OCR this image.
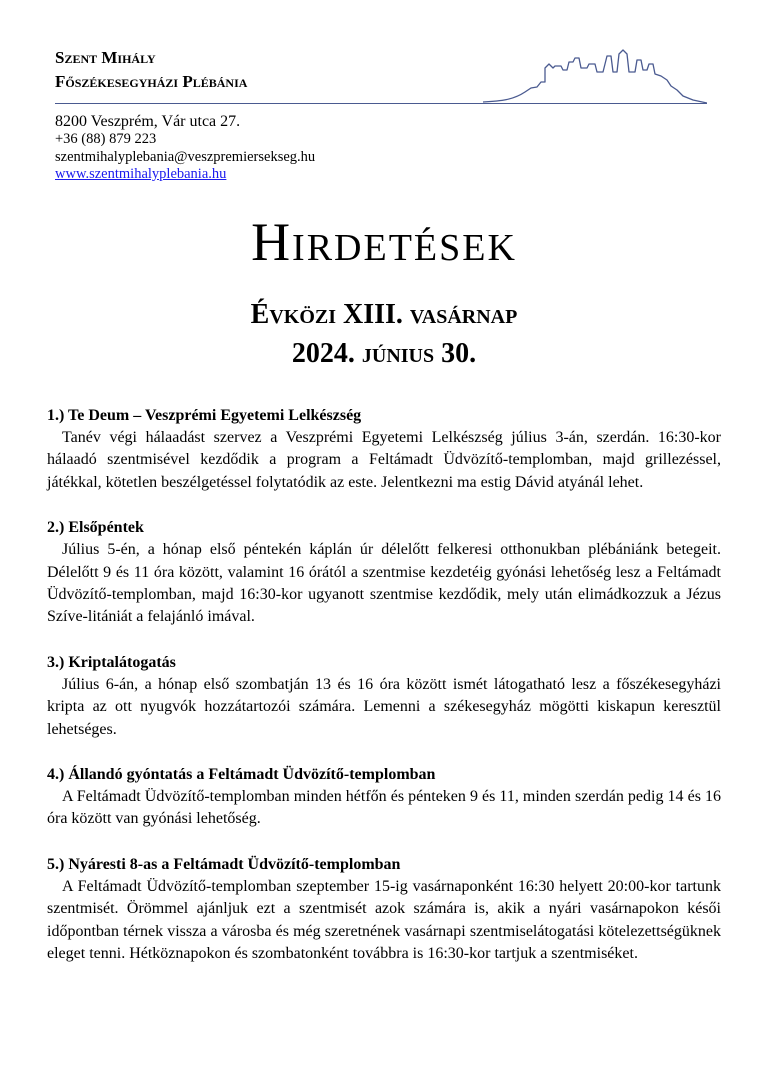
Szent Mihály
Főszékesegyházi Plébánia
8200 Veszprém, Vár utca 27.
+36 (88) 879 223
szentmihalyplebania@veszpremiersekseg.hu
www.szentmihalyplebania.hu
Hirdetések
Évközi XIII. vasárnap
2024. június 30.
1.) Te Deum – Veszprémi Egyetemi Lelkészség

Tanév végi hálaadást szervez a Veszprémi Egyetemi Lelkészség július 3-án, szerdán. 16:30-kor hálaadó szentmisével kezdődik a program a Feltámadt Üdvözítő-templomban, majd grillezéssel, játékkal, kötetlen beszélgetéssel folytatódik az este. Jelentkezni ma estig Dávid atyánál lehet.

2.) Elsőpéntek

Július 5-én, a hónap első péntekén káplán úr délelőtt felkeresi otthonukban plébániánk betegeit. Délelőtt 9 és 11 óra között, valamint 16 órától a szentmise kezdetéig gyónási lehetőség lesz a Feltámadt Üdvözítő-templomban, majd 16:30-kor ugyanott szentmise kezdődik, mely után elimádkozzuk a Jézus Szíve-litániát a felajánló imával.

3.) Kriptalátogatás

Július 6-án, a hónap első szombatján 13 és 16 óra között ismét látogatható lesz a főszékesegyházi kripta az ott nyugvók hozzátartozói számára. Lemenni a székesegyház mögötti kiskapun keresztül lehetséges.

4.) Állandó gyóntatás a Feltámadt Üdvözítő-templomban

A Feltámadt Üdvözítő-templomban minden hétfőn és pénteken 9 és 11, minden szerdán pedig 14 és 16 óra között van gyónási lehetőség.

5.) Nyáresti 8-as a Feltámadt Üdvözítő-templomban

A Feltámadt Üdvözítő-templomban szeptember 15-ig vasárnaponként 16:30 helyett 20:00-kor tartunk szentmisét. Örömmel ajánljuk ezt a szentmisét azok számára is, akik a nyári vasárnapokon késői időpontban térnek vissza a városba és még szeretnének vasárnapi szentmiselátogatási kötelezettségüknek eleget tenni. Hétköznapokon és szombatonként továbbra is 16:30-kor tartjuk a szentmiséket.
